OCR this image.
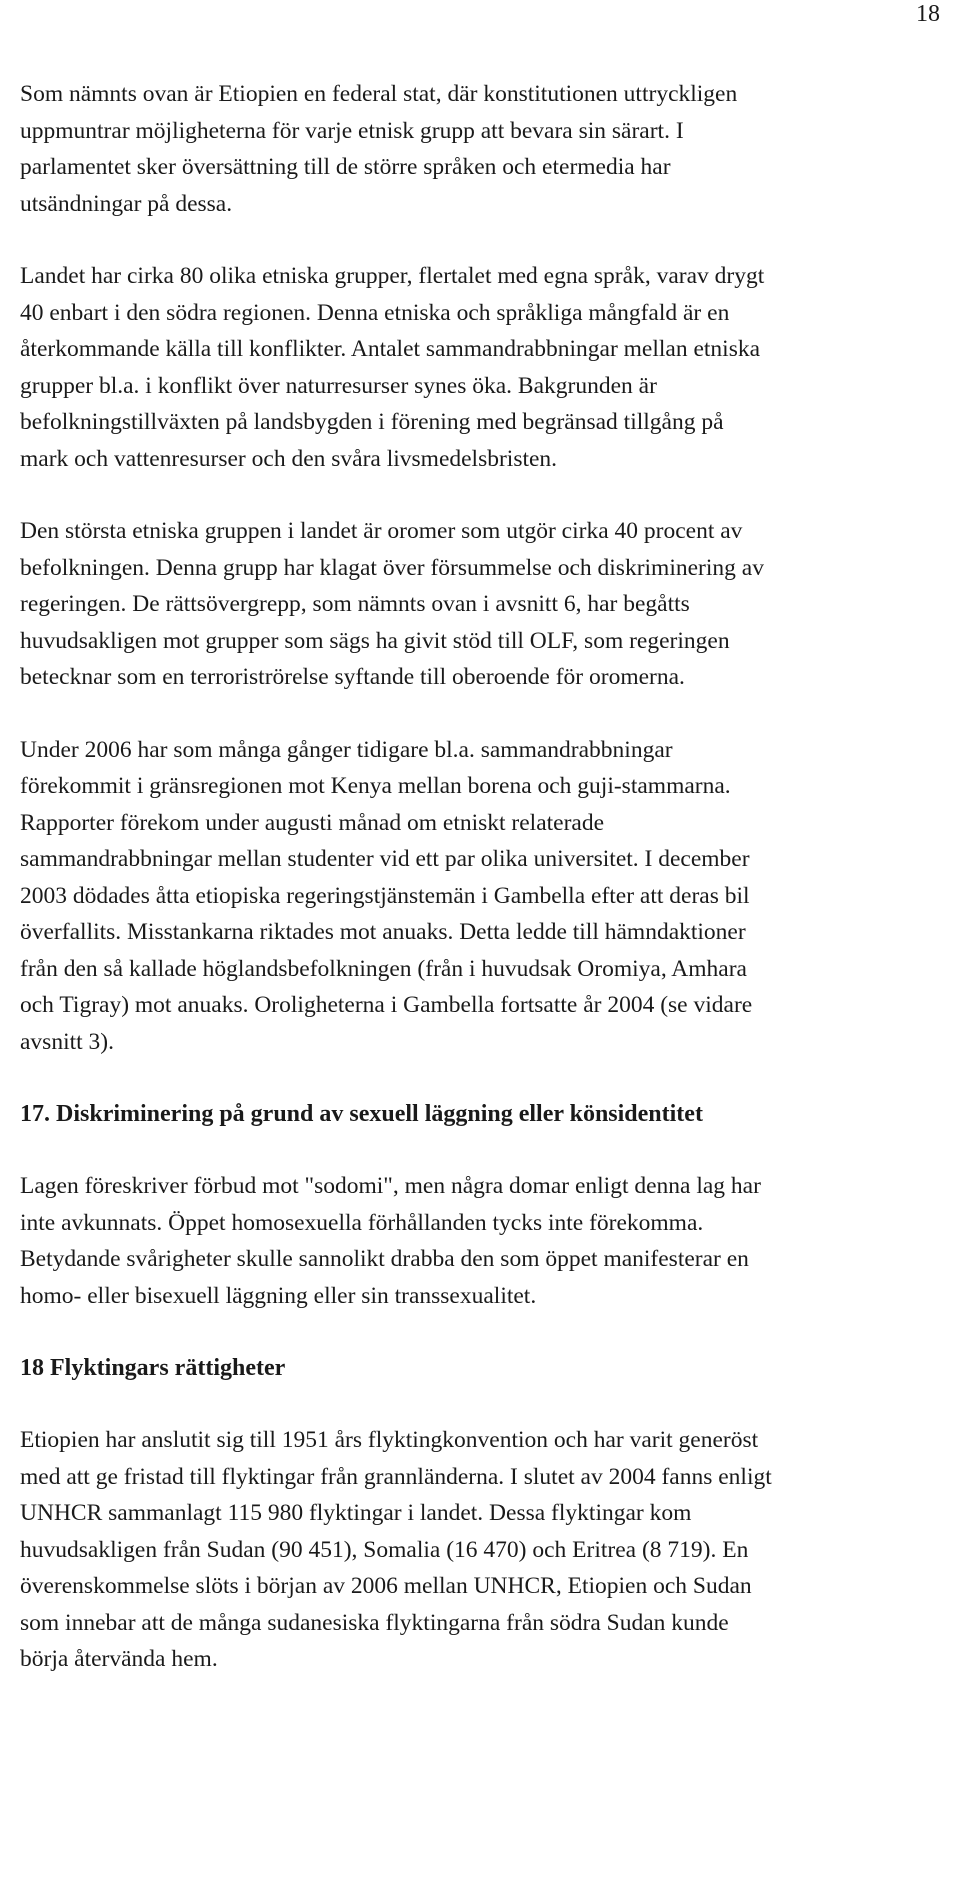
18
Som nämnts ovan är Etiopien en federal stat, där konstitutionen uttryckligen
uppmuntrar möjligheterna för varje etnisk grupp att bevara sin särart. I
parlamentet sker översättning till de större språken och etermedia har
utsändningar på dessa.
Landet har cirka 80 olika etniska grupper, flertalet med egna språk, varav drygt
40 enbart i den södra regionen. Denna etniska och språkliga mångfald är en
återkommande källa till konflikter. Antalet sammandrabbningar mellan etniska
grupper bl.a. i konflikt över naturresurser synes öka. Bakgrunden är
befolkningstillväxten på landsbygden i förening med begränsad tillgång på
mark och vattenresurser och den svåra livsmedelsbristen.
Den största etniska gruppen i landet är oromer som utgör cirka 40 procent av
befolkningen. Denna grupp har klagat över försummelse och diskriminering av
regeringen. De rättsövergrepp, som nämnts ovan i avsnitt 6, har begåtts
huvudsakligen mot grupper som sägs ha givit stöd till OLF, som regeringen
betecknar som en terroriströrelse syftande till oberoende för oromerna.
Under 2006 har som många gånger tidigare bl.a. sammandrabbningar
förekommit i gränsregionen mot Kenya mellan borena och guji-stammarna.
Rapporter förekom under augusti månad om etniskt relaterade
sammandrabbningar mellan studenter vid ett par olika universitet. I december
2003 dödades åtta etiopiska regeringstjänstemän i Gambella efter att deras bil
överfallits. Misstankarna riktades mot anuaks. Detta ledde till hämndaktioner
från den så kallade höglandsbefolkningen (från i huvudsak Oromiya, Amhara
och Tigray) mot anuaks. Oroligheterna i Gambella fortsatte år 2004 (se vidare
avsnitt 3).
17. Diskriminering på grund av sexuell läggning eller könsidentitet
Lagen föreskriver förbud mot "sodomi", men några domar enligt denna lag har
inte avkunnats. Öppet homosexuella förhållanden tycks inte förekomma.
Betydande svårigheter skulle sannolikt drabba den som öppet manifesterar en
homo- eller bisexuell läggning eller sin transsexualitet.
18 Flyktingars rättigheter
Etiopien har anslutit sig till 1951 års flyktingkonvention och har varit generöst
med att ge fristad till flyktingar från grannländerna. I slutet av 2004 fanns enligt
UNHCR sammanlagt 115 980 flyktingar i landet. Dessa flyktingar kom
huvudsakligen från Sudan (90 451), Somalia (16 470) och Eritrea (8 719). En
överenskommelse slöts i början av 2006 mellan UNHCR, Etiopien och Sudan
som innebar att de många sudanesiska flyktingarna från södra Sudan kunde
börja återvända hem.
